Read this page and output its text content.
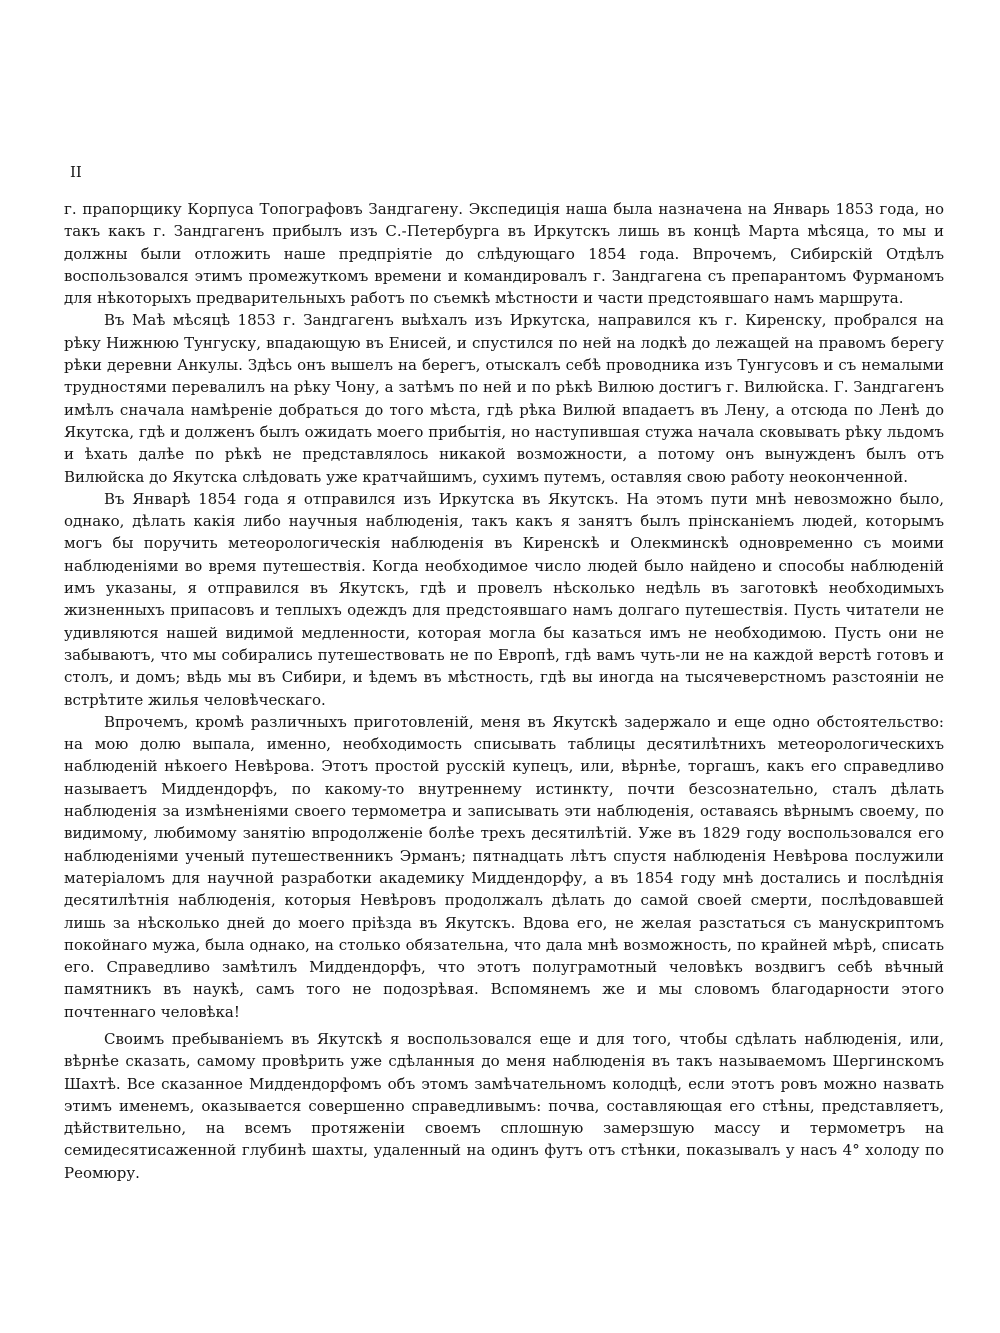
II

г. прапорщику Корпуса Топографовъ Зандгагену. Экспедиція наша была назначена на Январь 1853 года, но такъ какъ г. Зандгагенъ прибылъ изъ С.-Петербурга въ Иркутскъ лишь въ концѣ Марта мѣсяца, то мы и должны были отложить наше предпріятіе до слѣдующаго 1854 года. Впрочемъ, Сибирскій Отдѣлъ воспользовался этимъ промежуткомъ времени и командировалъ г. Зандгагена съ препарантомъ Фурманомъ для нѣкоторыхъ предварительныхъ работъ по съемкѣ мѣстности и части предстоявшаго намъ маршрута.

Въ Маѣ мѣсяцѣ 1853 г. Зандгагенъ выѣхалъ изъ Иркутска, направился къ г. Киренску, пробрался на рѣку Нижнюю Тунгуску, впадающую въ Енисей, и спустился по ней на лодкѣ до лежащей на правомъ берегу рѣки деревни Анкулы. Здѣсь онъ вышелъ на берегъ, отыскалъ себѣ проводника изъ Тунгусовъ и съ немалыми трудностями перевалилъ на рѣку Чону, а затѣмъ по ней и по рѣкѣ Вилюю достигъ г. Вилюйска. Г. Зандгагенъ имѣлъ сначала намѣреніе добраться до того мѣста, гдѣ рѣка Вилюй впадаетъ въ Лену, а отсюда по Ленѣ до Якутска, гдѣ и долженъ былъ ожидать моего прибытія, но наступившая стужа начала сковывать рѣку льдомъ и ѣхать далѣе по рѣкѣ не представлялось никакой возможности, а потому онъ вынужденъ былъ отъ Вилюйска до Якутска слѣдовать уже кратчайшимъ, сухимъ путемъ, оставляя свою работу неоконченной.

Въ Январѣ 1854 года я отправился изъ Иркутска въ Якутскъ. На этомъ пути мнѣ невозможно было, однако, дѣлать какія либо научныя наблюденія, такъ какъ я занятъ былъ прінсканіемъ людей, которымъ могъ бы поручить метеорологическія наблюденія въ Киренскѣ и Олекминскѣ одновременно съ моими наблюденіями во время путешествія. Когда необходимое число людей было найдено и способы наблюденій имъ указаны, я отправился въ Якутскъ, гдѣ и провелъ нѣсколько недѣль въ заготовкѣ необходимыхъ жизненныхъ припасовъ и теплыхъ одеждъ для предстоявшаго намъ долгаго путешествія. Пусть читатели не удивляются нашей видимой медленности, которая могла бы казаться имъ не необходимою. Пусть они не забываютъ, что мы собирались путешествовать не по Европѣ, гдѣ вамъ чуть-ли не на каждой верстѣ готовъ и столъ, и домъ; вѣдь мы въ Сибири, и ѣдемъ въ мѣстность, гдѣ вы иногда на тысячеверстномъ разстояніи не встрѣтите жилья человѣческаго.

Впрочемъ, кромѣ различныхъ приготовленій, меня въ Якутскѣ задержало и еще одно обстоятельство: на мою долю выпала, именно, необходимость списывать таблицы десятилѣтнихъ метеорологическихъ наблюденій нѣкоего Невѣрова. Этотъ простой русскій купецъ, или, вѣрнѣе, торгашъ, какъ его справедливо называетъ Миддендорфъ, по какому-то внутреннему истинкту, почти безсознательно, сталъ дѣлать наблюденія за измѣненіями своего термометра и записывать эти наблюденія, оставаясь вѣрнымъ своему, по видимому, любимому занятію впродолженіе болѣе трехъ десятилѣтій. Уже въ 1829 году воспользовался его наблюденіями ученый путешественникъ Эрманъ; пятнадцать лѣтъ спустя наблюденія Невѣрова послужили матеріаломъ для научной разработки академику Миддендорфу, а въ 1854 году мнѣ достались и послѣднія десятилѣтнія наблюденія, которыя Невѣровъ продолжалъ дѣлать до самой своей смерти, послѣдовавшей лишь за нѣсколько дней до моего пріѣзда въ Якутскъ. Вдова его, не желая разстаться съ манускриптомъ покойнаго мужа, была однако, на столько обязательна, что дала мнѣ возможность, по крайней мѣрѣ, списать его. Справедливо замѣтилъ Миддендорфъ, что этотъ полуграмотный человѣкъ воздвигъ себѣ вѣчный памятникъ въ наукѣ, самъ того не подозрѣвая. Вспомянемъ же и мы словомъ благодарности этого почтеннаго человѣка!

Своимъ пребываніемъ въ Якутскѣ я воспользовался еще и для того, чтобы сдѣлать наблюденія, или, вѣрнѣе сказать, самому провѣрить уже сдѣланныя до меня наблюденія въ такъ называемомъ Шергинскомъ Шахтѣ. Все сказанное Миддендорфомъ объ этомъ замѣчательномъ колодцѣ, если этотъ ровъ можно назвать этимъ именемъ, оказывается совершенно справедливымъ: почва, составляющая его стѣны, представляетъ, дѣйствительно, на всемъ протяженіи своемъ сплошную замерзшую массу и термометръ на семидесятисаженной глубинѣ шахты, удаленный на одинъ футъ отъ стѣнки, показывалъ у насъ 4° холоду по Реомюру.
